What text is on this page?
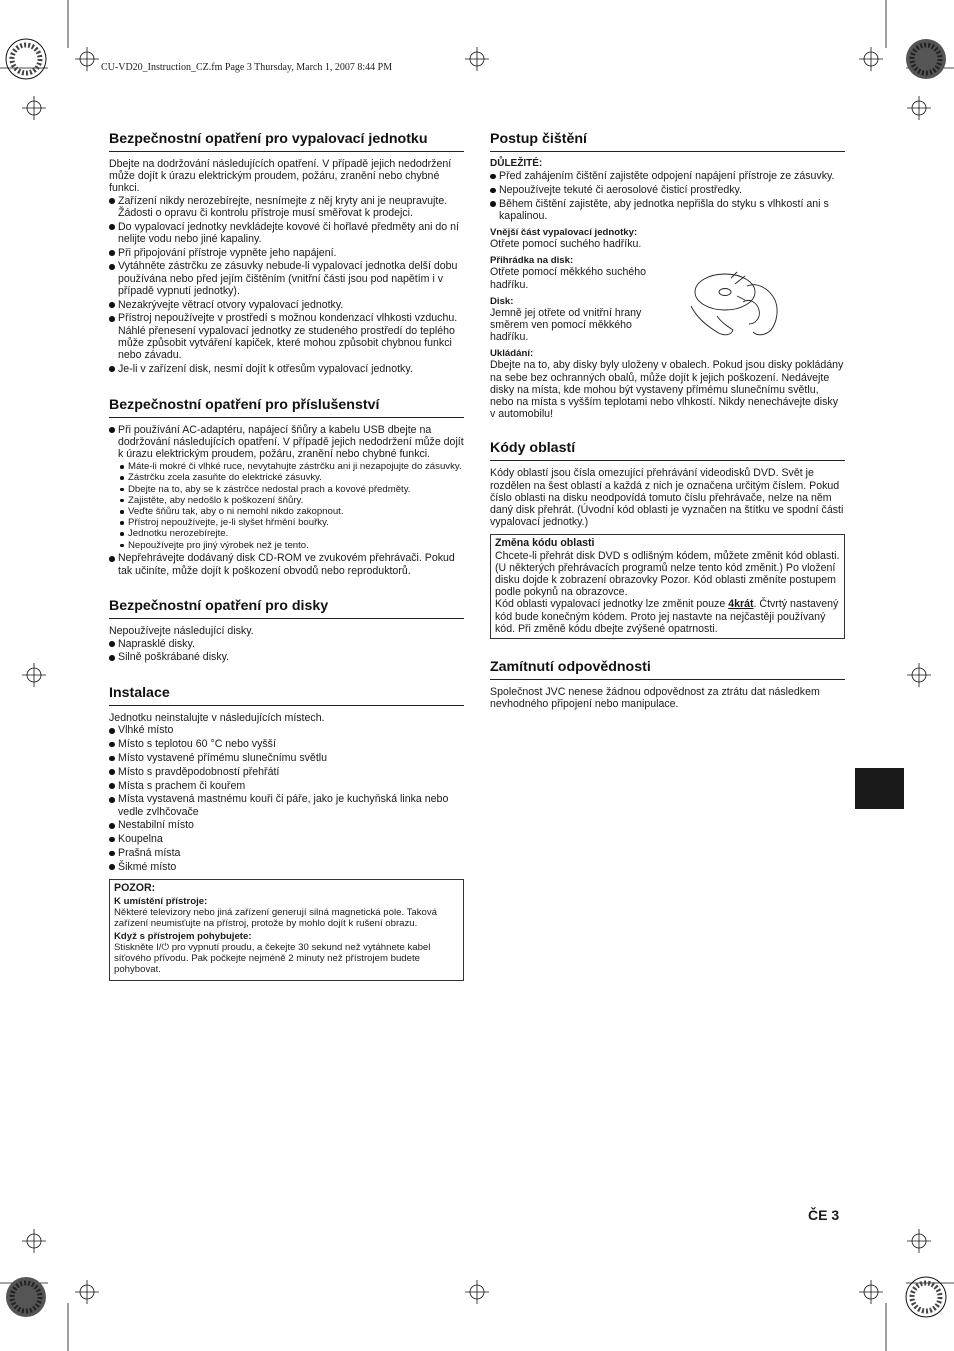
CU-VD20_Instruction_CZ.fm Page 3 Thursday, March 1, 2007 8:44 PM
Bezpečnostní opatření pro vypalovací jednotku

Dbejte na dodržování následujících opatření. V případě jejich nedodržení může dojít k úrazu elektrickým proudem, požáru, zranění nebo chybné funkci.

Zařízení nikdy nerozebírejte, nesnímejte z něj kryty ani je neupravujte. Žádosti o opravu či kontrolu přístroje musí směřovat k prodejci.
Do vypalovací jednotky nevkládejte kovové či hořlavé předměty ani do ní nelijte vodu nebo jiné kapaliny.
Při připojování přístroje vypněte jeho napájení.
Vytáhněte zástrčku ze zásuvky nebude-li vypalovací jednotka delší dobu používána nebo před jejím čištěním (vnitřní části jsou pod napětím i v případě vypnutí jednotky).
Nezakrývejte větrací otvory vypalovací jednotky.
Přístroj nepoužívejte v prostředí s možnou kondenzací vlhkosti vzduchu. Náhlé přenesení vypalovací jednotky ze studeného prostředí do teplého může způsobit vytváření kapiček, které mohou způsobit chybnou funkci nebo závadu.
Je-li v zařízení disk, nesmí dojít k otřesům vypalovací jednotky.
Bezpečnostní opatření pro příslušenství
Při používání AC-adaptéru, napájecí šňůry a kabelu USB dbejte na dodržování následujících opatření. V případě jejich nedodržení může dojít k úrazu elektrickým proudem, požáru, zranění nebo chybné funkci.
Máte-li mokré či vlhké ruce, nevytahujte zástrčku ani ji nezapojujte do zásuvky.
Zástrčku zcela zasuňte do elektrické zásuvky.
Dbejte na to, aby se k zástrčce nedostal prach a kovové předměty.
Zajistěte, aby nedošlo k poškození šňůry.
Veďte šňůru tak, aby o ni nemohl nikdo zakopnout.
Přístroj nepoužívejte, je-li slyšet hřmění bouřky.
Jednotku nerozebírejte.
Nepoužívejte pro jiný výrobek než je tento.
Nepřehrávejte dodávaný disk CD-ROM ve zvukovém přehrávači. Pokud tak učiníte, může dojít k poškození obvodů nebo reproduktorů.
Bezpečnostní opatření pro disky

Nepoužívejte následující disky.

Naprasklé disky.
Silně poškrábané disky.
Instalace

Jednotku neinstalujte v následujících místech.

Vlhké místo
Místo s teplotou 60 °C nebo vyšší
Místo vystavené přímému slunečnímu světlu
Místo s pravděpodobností přehřátí
Místa s prachem či kouřem
Místa vystavená mastnému kouři či páře, jako je kuchyňská linka nebo vedle zvlhčovače
Nestabilní místo
Koupelna
Prašná místa
Šikmé místo
POZOR:
K umístění přístroje:
Některé televizory nebo jiná zařízení generují silná magnetická pole. Taková zařízení neumisťujte na přístroj, protože by mohlo dojít k rušení obrazu.
Když s přístrojem pohybujete:
Stiskněte I/⏻ pro vypnutí proudu, a čekejte 30 sekund než vytáhnete kabel síťového přívodu. Pak počkejte nejméně 2 minuty než přístrojem budete pohybovat.
Postup čištění
DŮLEŽITÉ:
Před zahájením čištění zajistěte odpojení napájení přístroje ze zásuvky.
Nepoužívejte tekuté či aerosolové čisticí prostředky.
Během čištění zajistěte, aby jednotka nepřišla do styku s vlhkostí ani s kapalinou.
Vnější část vypalovací jednotky:
Otřete pomocí suchého hadříku.
Přihrádka na disk:
Otřete pomocí měkkého suchého hadříku.
Disk:
Jemně jej otřete od vnitřní hrany směrem ven pomocí měkkého hadříku.
Ukládání:
Dbejte na to, aby disky byly uloženy v obalech. Pokud jsou disky pokládány na sebe bez ochranných obalů, může dojít k jejich poškození. Nedávejte disky na místa, kde mohou být vystaveny přímému slunečnímu světlu, nebo na místa s vyšším teplotami nebo vlhkostí. Nikdy nenechávejte disky v automobilu!
Kódy oblastí

Kódy oblastí jsou čísla omezující přehrávání videodisků DVD. Svět je rozdělen na šest oblastí a každá z nich je označena určitým číslem. Pokud číslo oblasti na disku neodpovídá tomuto číslu přehrávače, nelze na něm daný disk přehrát. (Úvodní kód oblasti je vyznačen na štítku ve spodní části vypalovací jednotky.)

Změna kódu oblasti
Chcete-li přehrát disk DVD s odlišným kódem, můžete změnit kód oblasti. (U některých přehrávacích programů nelze tento kód změnit.) Po vložení disku dojde k zobrazení obrazovky Pozor. Kód oblasti změníte postupem podle pokynů na obrazovce.
Kód oblasti vypalovací jednotky lze změnit pouze 4krát. Čtvrtý nastavený kód bude konečným kódem. Proto jej nastavte na nejčastěji používaný kód. Při změně kódu dbejte zvýšené opatrnosti.
Zamítnutí odpovědnosti

Společnost JVC nenese žádnou odpovědnost za ztrátu dat následkem nevhodného připojení nebo manipulace.

ČE 3
